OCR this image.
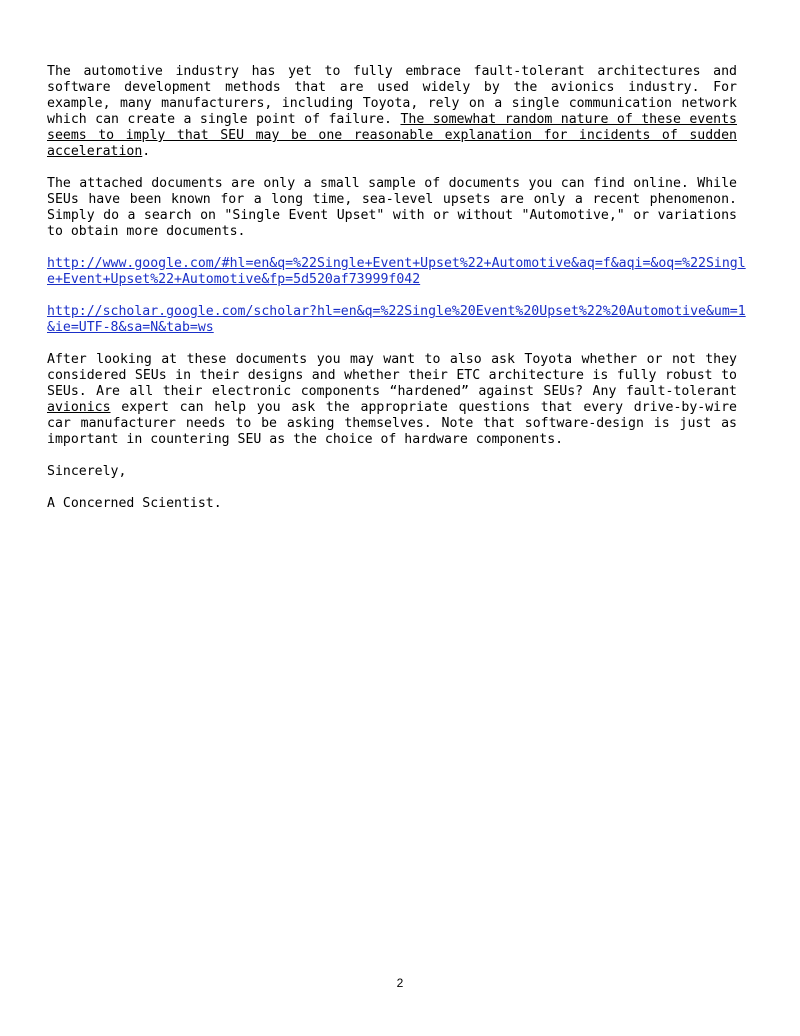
The automotive industry has yet to fully embrace fault-tolerant architectures and software development methods that are used widely by the avionics industry. For example, many manufacturers, including Toyota, rely on a single communication network which can create a single point of failure. The somewhat random nature of these events seems to imply that SEU may be one reasonable explanation for incidents of sudden acceleration.

The attached documents are only a small sample of documents you can find online. While SEUs have been known for a long time, sea-level upsets are only a recent phenomenon. Simply do a search on "Single Event Upset" with or without "Automotive," or variations to obtain more documents.

http://www.google.com/#hl=en&q=%22Single+Event+Upset%22+Automotive&aq=f&aqi=&oq=%22Single+Event+Upset%22+Automotive&fp=5d520af73999f042
http://scholar.google.com/scholar?hl=en&q=%22Single%20Event%20Upset%22%20Automotive&um=1&ie=UTF-8&sa=N&tab=ws

After looking at these documents you may want to also ask Toyota whether or not they considered SEUs in their designs and whether their ETC architecture is fully robust to SEUs. Are all their electronic components “hardened” against SEUs? Any fault-tolerant avionics expert can help you ask the appropriate questions that every drive-by-wire car manufacturer needs to be asking themselves. Note that software-design is just as important in countering SEU as the choice of hardware components.

Sincerely,

A Concerned Scientist.

2
